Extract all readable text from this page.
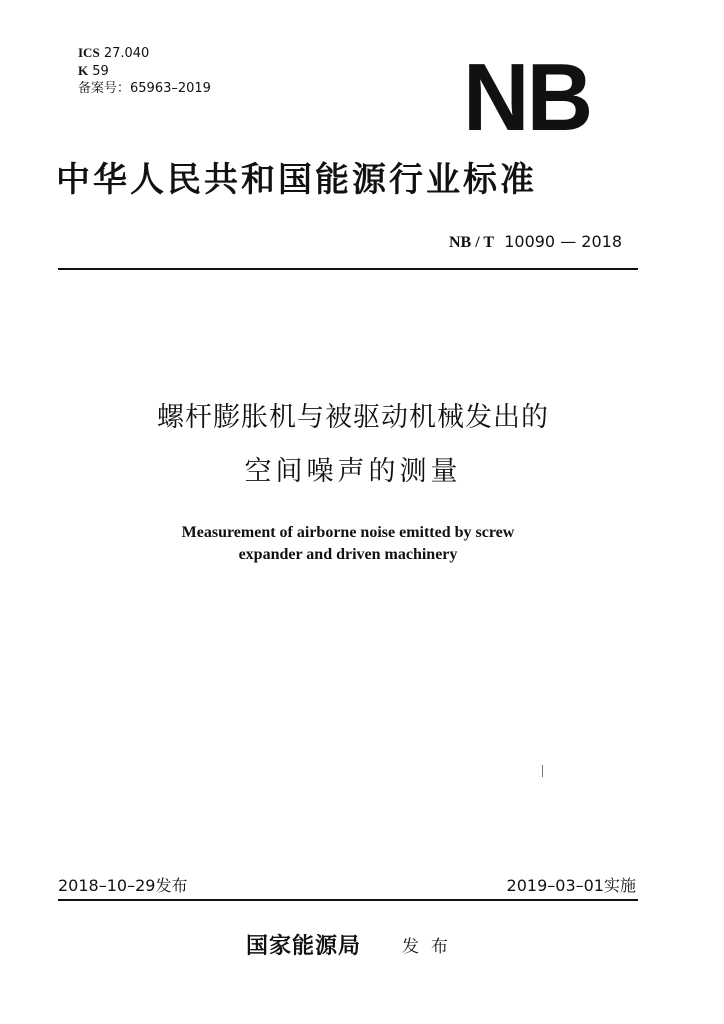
ICS 27.040
K 59
备案号：65963–2019	NB
中华人民共和国能源行业标准
NB / T 10090 — 2018
螺杆膨胀机与被驱动机械发出的
空间噪声的测量
Measurement of airborne noise emitted by screw
expander and driven machinery
2018–10–29发布	2019–03–01实施
国家能源局 发布
